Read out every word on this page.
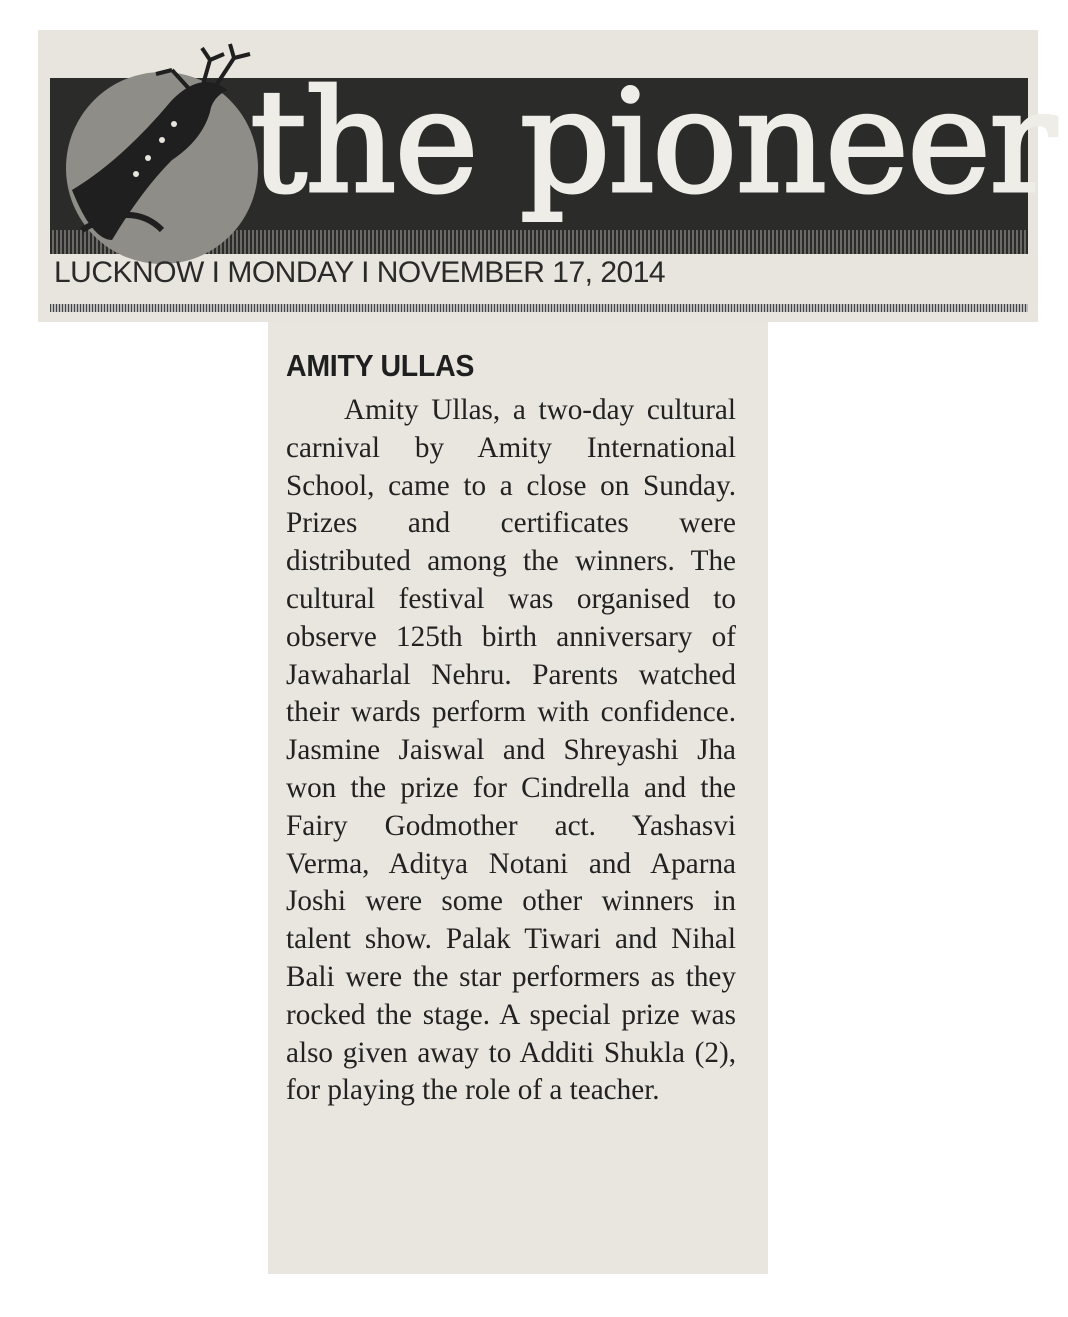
the pioneer
LUCKNOW I MONDAY I NOVEMBER 17, 2014
AMITY ULLAS

Amity Ullas, a two-day cultural carnival by Amity International School, came to a close on Sunday. Prizes and certificates were distributed among the winners. The cultural festival was organised to observe 125th birth anniversary of Jawaharlal Nehru. Parents watched their wards perform with confidence. Jasmine Jaiswal and Shreyashi Jha won the prize for Cindrella and the Fairy Godmother act. Yashasvi Verma, Aditya Notani and Aparna Joshi were some other winners in talent show. Palak Tiwari and Nihal Bali were the star performers as they rocked the stage. A special prize was also given away to Additi Shukla (2), for playing the role of a teacher.
